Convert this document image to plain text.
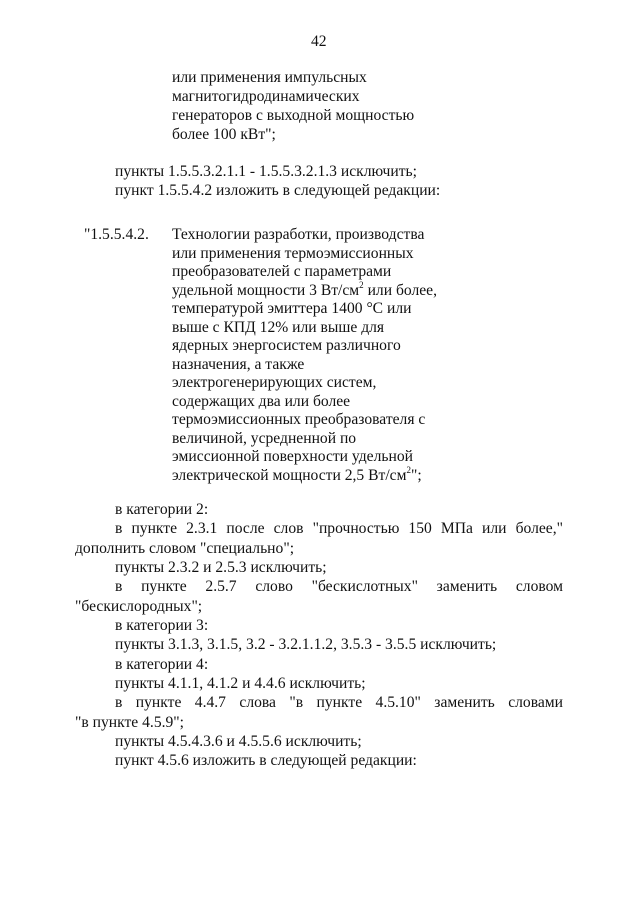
42
или применения импульсных
магнитогидродинамических
генераторов с выходной мощностью
более 100 кВт";
пункты 1.5.5.3.2.1.1 - 1.5.5.3.2.1.3 исключить;
пункт 1.5.5.4.2 изложить в следующей редакции:
"1.5.5.4.2. Технологии разработки, производства
или применения термоэмиссионных
преобразователей с параметрами
удельной мощности 3 $Вт/см^2$ или более,
температурой эмиттера 1400 °С или
выше с КПД 12% или выше для
ядерных энергосистем различного
назначения, а также
электрогенерирующих систем,
содержащих два или более
термоэмиссионных преобразователя с
величиной, усредненной по
эмиссионной поверхности удельной
электрической мощности 2,5 $Вт/см^2$";
в категории 2:
в пункте 2.3.1 после слов "прочностью 150 МПа или более,"
дополнить словом "специально";
пункты 2.3.2 и 2.5.3 исключить;
в пункте 2.5.7 слово "бескислотных" заменить словом
"бескислородных";
в категории 3:
пункты 3.1.3, 3.1.5, 3.2 - 3.2.1.1.2, 3.5.3 - 3.5.5 исключить;
в категории 4:
пункты 4.1.1, 4.1.2 и 4.4.6 исключить;
в пункте 4.4.7 слова "в пункте 4.5.10" заменить словами
"в пункте 4.5.9";
пункты 4.5.4.3.6 и 4.5.5.6 исключить;
пункт 4.5.6 изложить в следующей редакции:
